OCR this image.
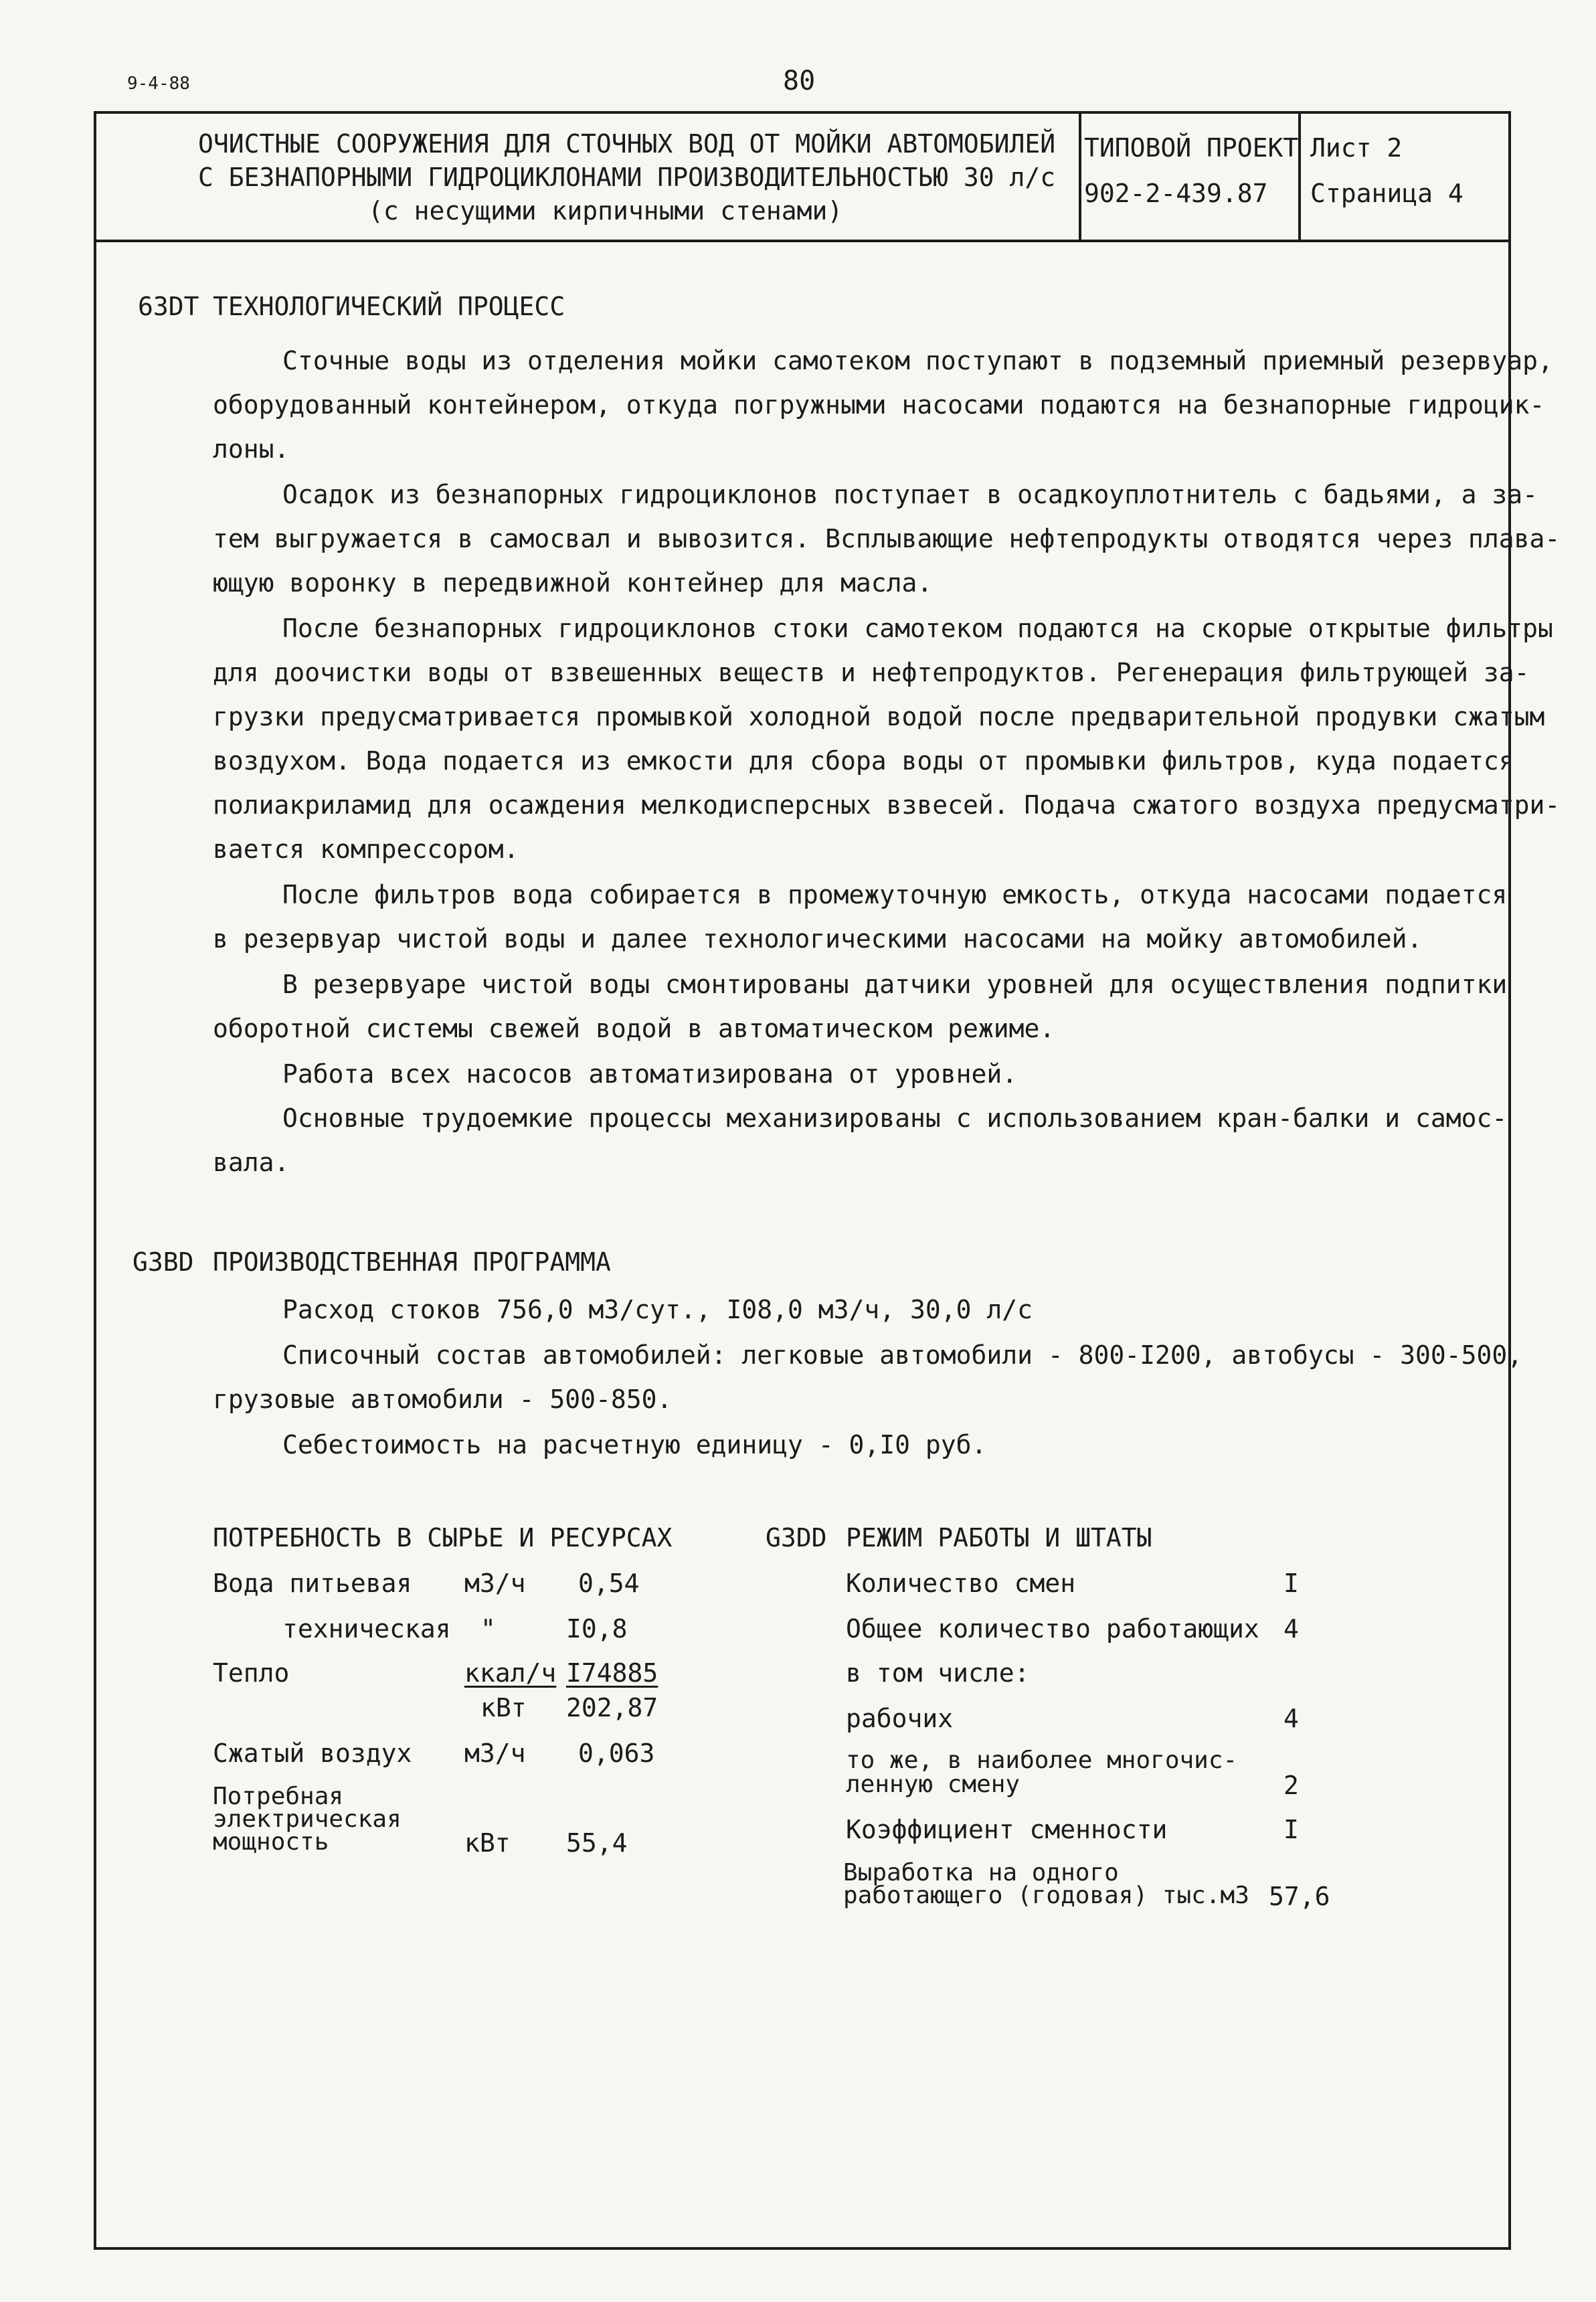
9-4-88	80
ОЧИСТНЫЕ СООРУЖЕНИЯ ДЛЯ СТОЧНЫХ ВОД ОТ МОЙКИ АВТОМОБИЛЕЙ
С БЕЗНАПОРНЫМИ ГИДРОЦИКЛОНАМИ ПРОИЗВОДИТЕЛЬНОСТЬЮ 30 л/с
(с несущими кирпичными стенами)
ТИПОВОЙ ПРОЕКТ
902-2-439.87
Лист 2
Страница 4
63DT ТЕХНОЛОГИЧЕСКИЙ ПРОЦЕСС
Сточные воды из отделения мойки самотеком поступают в подземный приемный резервуар,
оборудованный контейнером, откуда погружными насосами подаются на безнапорные гидроцик-
лоны.
Осадок из безнапорных гидроциклонов поступает в осадкоуплотнитель с бадьями, а за-
тем выгружается в самосвал и вывозится. Всплывающие нефтепродукты отводятся через плава-
ющую воронку в передвижной контейнер для масла.
После безнапорных гидроциклонов стоки самотеком подаются на скорые открытые фильтры
для доочистки воды от взвешенных веществ и нефтепродуктов. Регенерация фильтрующей за-
грузки предусматривается промывкой холодной водой после предварительной продувки сжатым
воздухом. Вода подается из емкости для сбора воды от промывки фильтров, куда подается
полиакриламид для осаждения мелкодисперсных взвесей. Подача сжатого воздуха предусматри-
вается компрессором.
После фильтров вода собирается в промежуточную емкость, откуда насосами подается
в резервуар чистой воды и далее технологическими насосами на мойку автомобилей.
В резервуаре чистой воды смонтированы датчики уровней для осуществления подпитки
оборотной системы свежей водой в автоматическом режиме.
Работа всех насосов автоматизирована от уровней.
Основные трудоемкие процессы механизированы с использованием кран-балки и самос-
вала.
G3BD ПРОИЗВОДСТВЕННАЯ ПРОГРАММА
Расход стоков 756,0 м3/сут., I08,0 м3/ч, 30,0 л/с
Списочный состав автомобилей: легковые автомобили - 800-I200, автобусы - 300-500,
грузовые автомобили - 500-850.
Себестоимость на расчетную единицу - 0,I0 руб.
ПОТРЕБНОСТЬ В СЫРЬЕ И РЕСУРСАХ
Вода питьевая м3/ч 0,54
техническая "	I0,8
Тепло	ккал/ч I74885
кВт 202,87
Сжатый воздух м3/ч 0,063
Потребная
электрическая
мощность	кВт 55,4
G3DD РЕЖИМ РАБОТЫ И ШТАТЫ
Количество смен	I
Общее количество работающих 4
в том числе:
рабочих	4
то же, в наиболее многочис-
ленную смену	2
Коэффициент сменности	I
Выработка на одного
работающего (годовая) тыс.м3 57,6
